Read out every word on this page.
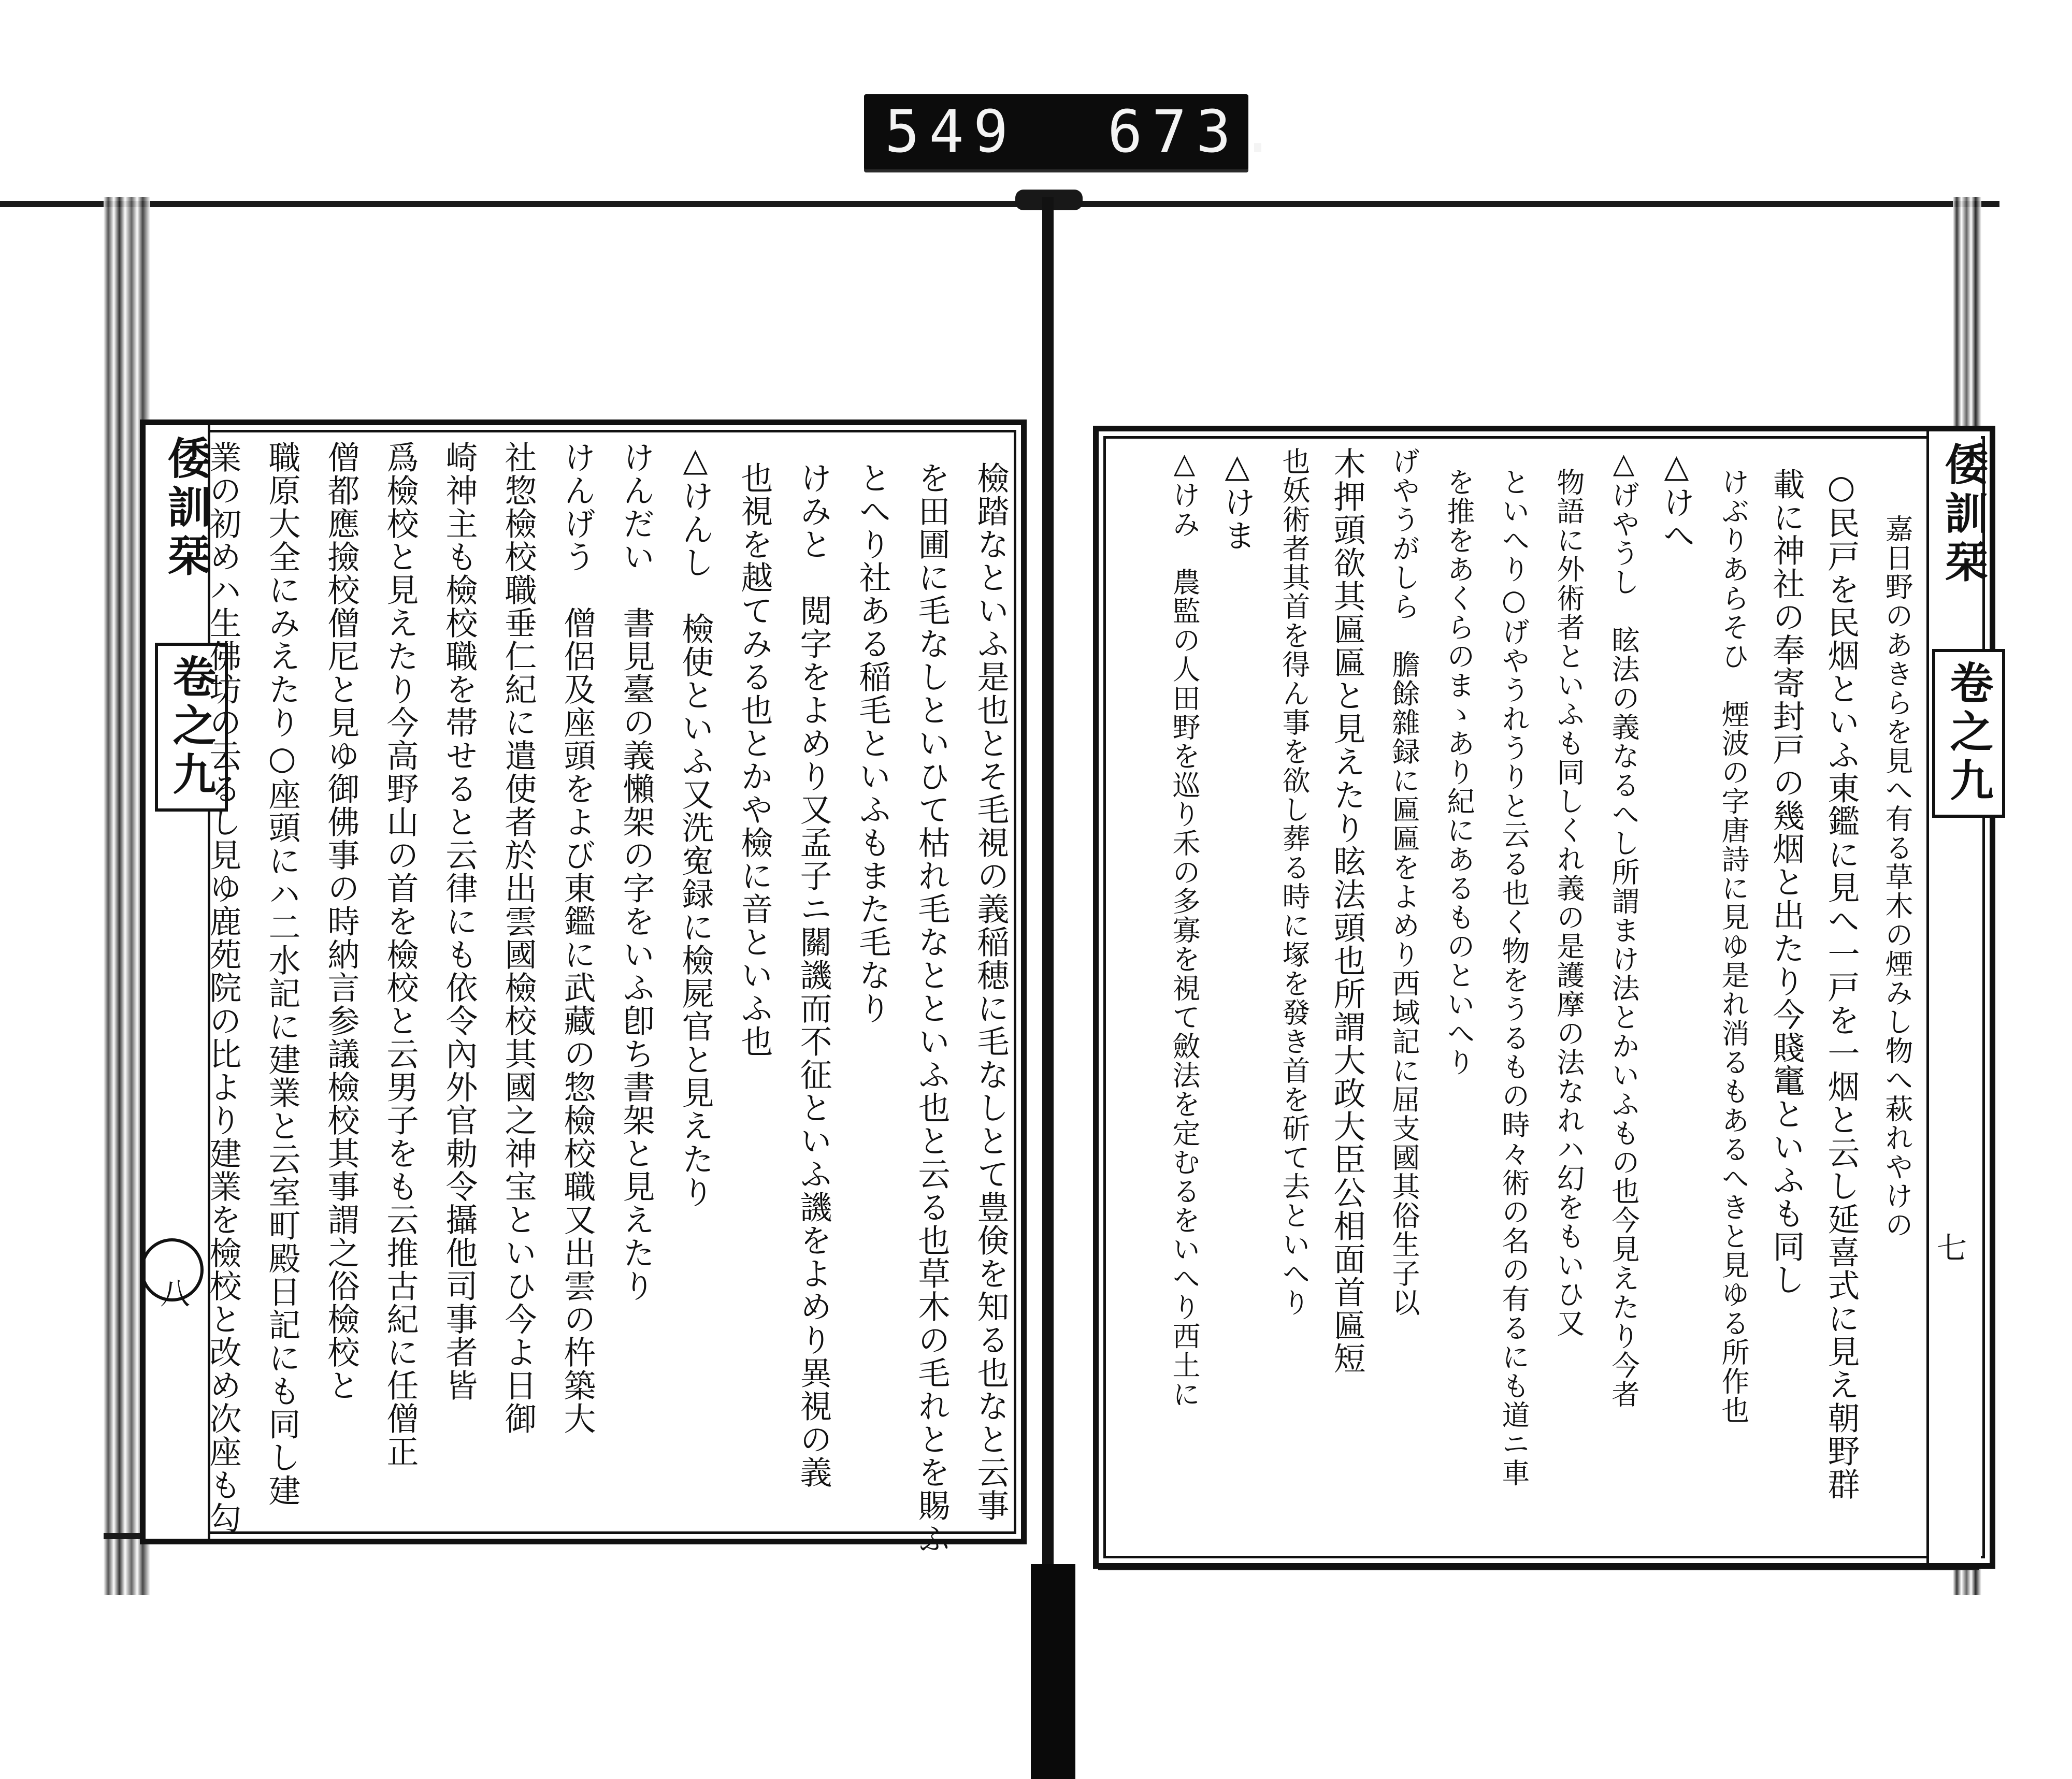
549 673.
倭訓栞
卷之九
八	檢踏なといふ是也とそ毛視の義稲穂に毛なしとて豊倹を知る也なと云事
を田圃に毛なしといひて枯れ毛なとといふ也と云る也草木の毛れとを賜ふ
とへり社ある稲毛といふもまた毛なり
けみと　閲字をよめり又孟子ニ關譏而不征といふ譏をよめり異視の義
也視を越てみる也とかや檢に音といふ也
△けんし　檢使といふ又洗寃録に檢屍官と見えたり
けんだい　書見臺の義懶架の字をいふ卽ち書架と見えたり
けんげう　僧侶及座頭をよび東鑑に武藏の惣檢校職又出雲の杵築大
社惣檢校職垂仁紀に遣使者於出雲國檢校其國之神宝といひ今よ日御
崎神主も檢校職を帯せると云律にも依令內外官勅令攝他司事者皆
爲檢校と見えたり今高野山の首を檢校と云男子をも云推古紀に任僧正
僧都應撿校僧尼と見ゆ御佛事の時納言参議檢校其事謂之俗檢校と
職原大全にみえたり○座頭にハ二水記に建業と云室町殿日記にも同し建
業の初めハ生佛坊の云るし見ゆ鹿苑院の比より建業を檢校と改め次座も勾	倭訓栞
卷之九
七
嘉日野のあきらを見へ有る草木の煙みし物へ萩れやけの
○民戸を民烟といふ東鑑に見へ一戸を一烟と云し延喜式に見え朝野群
載に神社の奉寄封戸の幾烟と出たり今賤竃といふも同し
けぶりあらそひ　煙波の字唐詩に見ゆ是れ消るもあるへきと見ゆる所作也
△けへ
△げやうし　眩法の義なるへし所謂まけ法とかいふもの也今見えたり今者
物語に外術者といふも同しくれ義の是護摩の法なれハ幻をもいひ又
といへり○げやうれうりと云る也く物をうるもの時々術の名の有るにも道ニ車
を推をあくらのまゝあり紀にあるものといへり
げやうがしら　膽餘雜録に匾匾をよめり西域記に屈支國其俗生子以
木押頭欲其匾匾と見えたり眩法頭也所謂大政大臣公相面首匾短
也妖術者其首を得ん事を欲し葬る時に塚を發き首を斫て去といへり
△けま
△けみ　農監の人田野を巡り禾の多寡を視て斂法を定むるをいへり西土に
